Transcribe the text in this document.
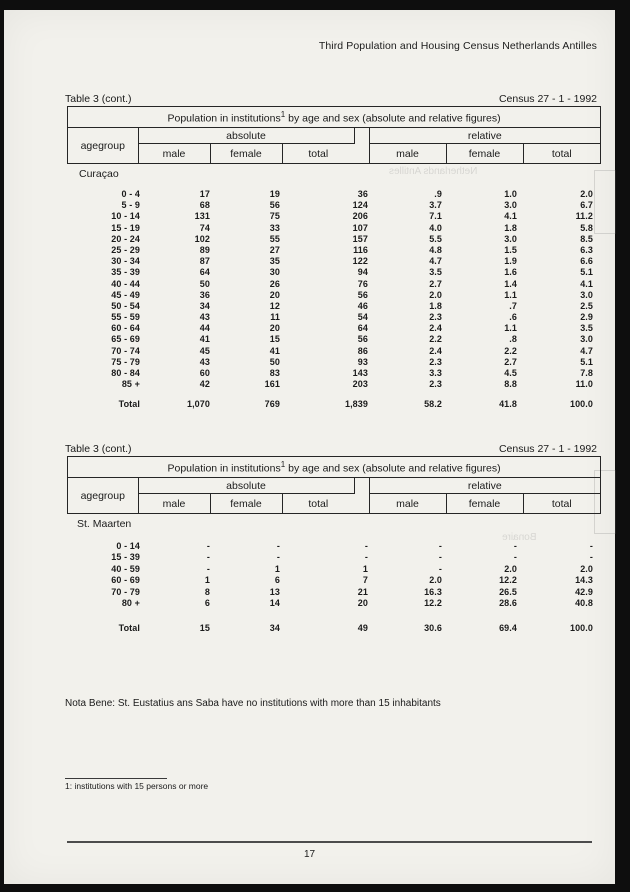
Netherlands Antilles
Bonaire
Third Population and Housing Census Netherlands Antilles
Table 3 (cont.)	Census 27 - 1 - 1992
Population in institutions$^1$ by age and sex (absolute and relative figures)							
agegroup	absolute				relative		
	male	female	total		male	female	total
Curaçao
0 - 4	17	19	36	.9	1.0	2.0
5 - 9	68	56	124	3.7	3.0	6.7
10 - 14	131	75	206	7.1	4.1	11.2
15 - 19	74	33	107	4.0	1.8	5.8
20 - 24	102	55	157	5.5	3.0	8.5
25 - 29	89	27	116	4.8	1.5	6.3
30 - 34	87	35	122	4.7	1.9	6.6
35 - 39	64	30	94	3.5	1.6	5.1
40 - 44	50	26	76	2.7	1.4	4.1
45 - 49	36	20	56	2.0	1.1	3.0
50 - 54	34	12	46	1.8	.7	2.5
55 - 59	43	11	54	2.3	.6	2.9
60 - 64	44	20	64	2.4	1.1	3.5
65 - 69	41	15	56	2.2	.8	3.0
70 - 74	45	41	86	2.4	2.2	4.7
75 - 79	43	50	93	2.3	2.7	5.1
80 - 84	60	83	143	3.3	4.5	7.8
85 +	42	161	203	2.3	8.8	11.0
Total	1,070	769	1,839	58.2	41.8	100.0
Table 3 (cont.)	Census 27 - 1 - 1992
Population in institutions$^1$ by age and sex (absolute and relative figures)							
agegroup	absolute				relative		
	male	female	total		male	female	total
St. Maarten
0 - 14	-	-	-	-	-	-
15 - 39	-	-	-	-	-	-
40 - 59	-	1	1	-	2.0	2.0
60 - 69	1	6	7	2.0	12.2	14.3
70 - 79	8	13	21	16.3	26.5	42.9
80 +	6	14	20	12.2	28.6	40.8
Total	15	34	49	30.6	69.4	100.0
Nota Bene: St. Eustatius ans Saba have no institutions with more than 15 inhabitants
1: institutions with 15 persons or more
17
